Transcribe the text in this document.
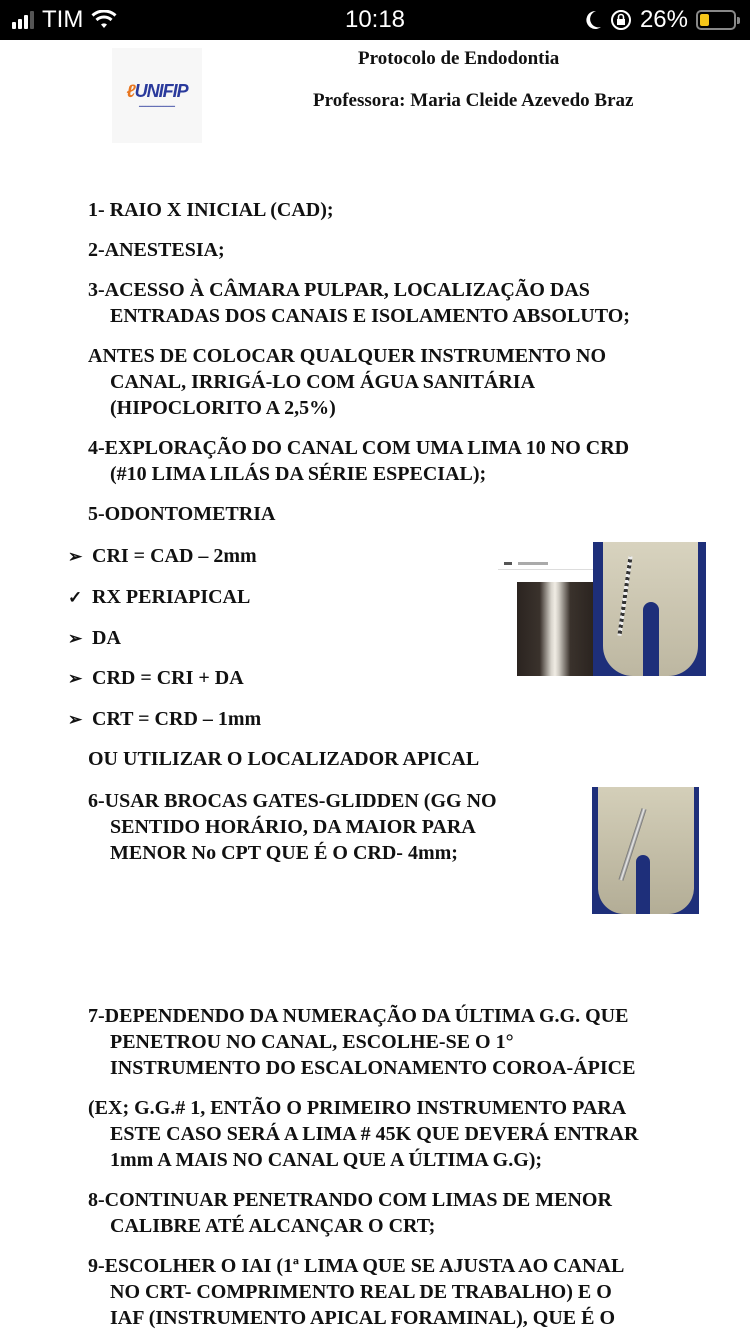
TIM	10:18	26%
ℓUNIFIP
━━━━━━━━━━━━
Protocolo de Endodontia
Professora: Maria Cleide Azevedo Braz
1- RAIO X INICIAL (CAD);
2-ANESTESIA;
3-ACESSO À CÂMARA PULPAR, LOCALIZAÇÃO DAS
ENTRADAS DOS CANAIS E ISOLAMENTO ABSOLUTO;
ANTES DE COLOCAR QUALQUER INSTRUMENTO NO
CANAL, IRRIGÁ-LO COM ÁGUA SANITÁRIA
(HIPOCLORITO A 2,5%)
4-EXPLORAÇÃO DO CANAL COM UMA LIMA 10 NO CRD
(#10 LIMA LILÁS DA SÉRIE ESPECIAL);
5-ODONTOMETRIA
➢ CRI = CAD – 2mm
✓ RX PERIAPICAL
➢ DA
➢ CRD = CRI + DA
➢ CRT = CRD – 1mm
OU UTILIZAR O LOCALIZADOR APICAL
6-USAR BROCAS GATES-GLIDDEN (GG NO
SENTIDO HORÁRIO, DA MAIOR PARA
MENOR No CPT QUE É O CRD- 4mm;
7-DEPENDENDO DA NUMERAÇÃO DA ÚLTIMA G.G. QUE
PENETROU NO CANAL, ESCOLHE-SE O 1°
INSTRUMENTO DO ESCALONAMENTO COROA-ÁPICE
(EX; G.G.# 1, ENTÃO O PRIMEIRO INSTRUMENTO PARA
ESTE CASO SERÁ A LIMA # 45K QUE DEVERÁ ENTRAR
1mm A MAIS NO CANAL QUE A ÚLTIMA G.G);
8-CONTINUAR PENETRANDO COM LIMAS DE MENOR
CALIBRE ATÉ ALCANÇAR O CRT;
9-ESCOLHER O IAI (1ª LIMA QUE SE AJUSTA AO CANAL
NO CRT- COMPRIMENTO REAL DE TRABALHO) E O
IAF (INSTRUMENTO APICAL FORAMINAL), QUE É O
